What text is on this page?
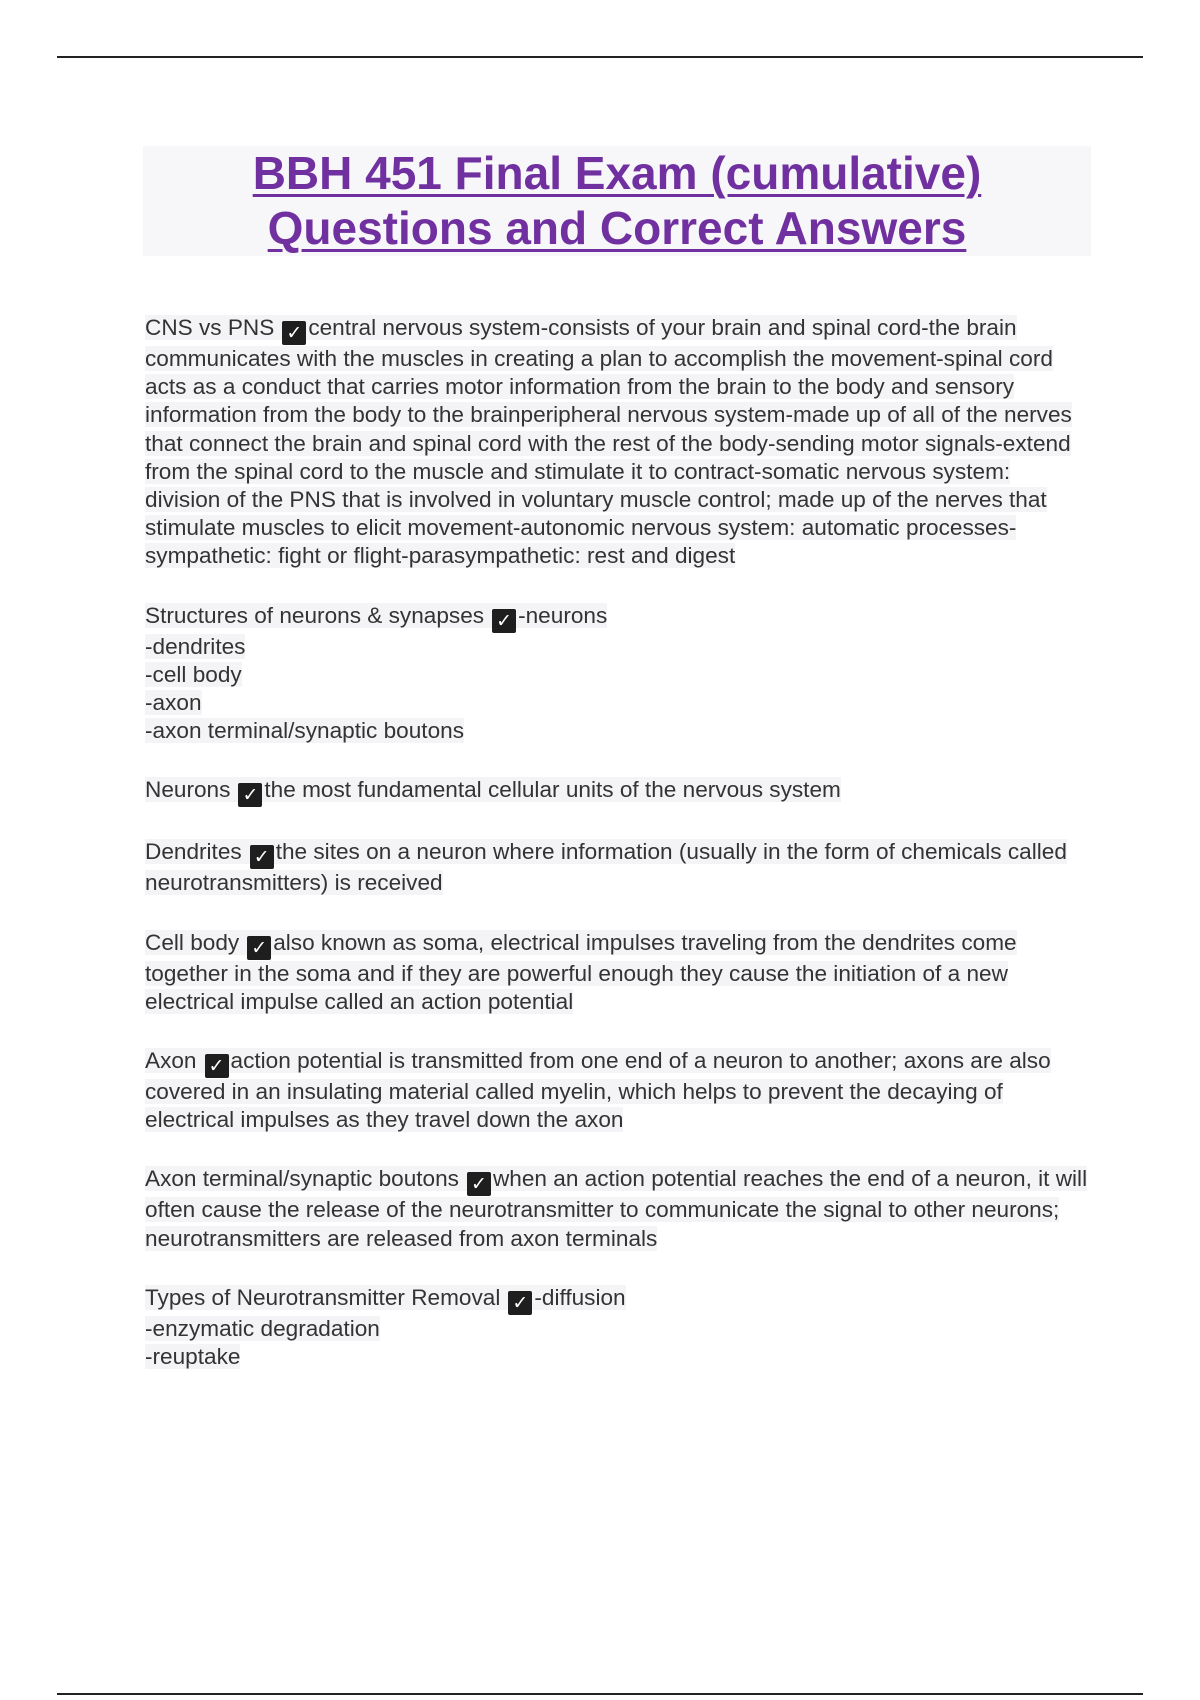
BBH 451 Final Exam (cumulative)
Questions and Correct Answers
CNS vs PNS ✓ central nervous system-consists of your brain and spinal cord-the brain communicates with the muscles in creating a plan to accomplish the movement-spinal cord acts as a conduct that carries motor information from the brain to the body and sensory information from the body to the brainperipheral nervous system-made up of all of the nerves that connect the brain and spinal cord with the rest of the body-sending motor signals-extend from the spinal cord to the muscle and stimulate it to contract-somatic nervous system: division of the PNS that is involved in voluntary muscle control; made up of the nerves that stimulate muscles to elicit movement-autonomic nervous system: automatic processes-sympathetic: fight or flight-parasympathetic: rest and digest
Structures of neurons & synapses ✓ -neurons
-dendrites
-cell body
-axon
-axon terminal/synaptic boutons
Neurons ✓ the most fundamental cellular units of the nervous system
Dendrites ✓ the sites on a neuron where information (usually in the form of chemicals called neurotransmitters) is received
Cell body ✓ also known as soma, electrical impulses traveling from the dendrites come together in the soma and if they are powerful enough they cause the initiation of a new electrical impulse called an action potential
Axon ✓ action potential is transmitted from one end of a neuron to another; axons are also covered in an insulating material called myelin, which helps to prevent the decaying of electrical impulses as they travel down the axon
Axon terminal/synaptic boutons ✓ when an action potential reaches the end of a neuron, it will often cause the release of the neurotransmitter to communicate the signal to other neurons; neurotransmitters are released from axon terminals
Types of Neurotransmitter Removal ✓ -diffusion
-enzymatic degradation
-reuptake
